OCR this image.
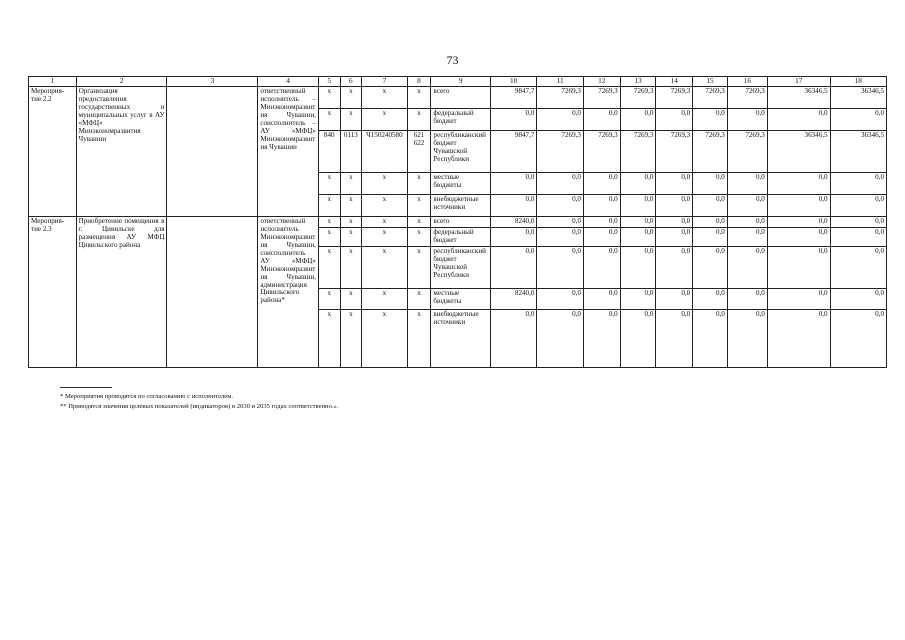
73
1	2	3	4	5	6	7	8	9	10	11	12	13	14	15	16	17	18
Мероприя-тие 2.2	Организация предоставления государственных и муниципальных услуг в АУ «МФЦ» Минэкономразвития Чувашии		ответственный исполнитель – Минэкономразвития Чувашии, соисполнитель – АУ «МФЦ» Минэкономразвития Чувашии	x	x	x	x	всего	9847,7	7269,3	7269,3	7269,3	7269,3	7269,3	7269,3	36346,5	36346,5
				x	x	x	x	федеральный бюджет	0,0	0,0	0,0	0,0	0,0	0,0	0,0	0,0	0,0
				840	0113	Ч150240580	621 622	республиканский бюджет Чувашской Республики	9847,7	7269,3	7269,3	7269,3	7269,3	7269,3	7269,3	36346,5	36346,5
				x	x	x	x	местные бюджеты	0,0	0,0	0,0	0,0	0,0	0,0	0,0	0,0	0,0
				x	x	x	x	внебюджетные источники	0,0	0,0	0,0	0,0	0,0	0,0	0,0	0,0	0,0
Мероприя-тие 2.3	Приобретение помещения в г. Цивильске для размещения АУ МФЦ Цивильского района		ответственный исполнитель Минэкономразвития Чувашии, соисполнитель АУ «МФЦ» Минэкономразвития Чувашии, администрация Цивильского района*	x	x	x	x	всего	8240,0	0,0	0,0	0,0	0,0	0,0	0,0	0,0	0,0
				x	x	x	x	федеральный бюджет	0,0	0,0	0,0	0,0	0,0	0,0	0,0	0,0	0,0
				x	x	x	x	республиканский бюджет Чувашской Республики	0,0	0,0	0,0	0,0	0,0	0,0	0,0	0,0	0,0
				x	x	x	x	местные бюджеты	8240,0	0,0	0,0	0,0	0,0	0,0	0,0	0,0	0,0
				x	x	x	x	внебюджетные источники	0,0	0,0	0,0	0,0	0,0	0,0	0,0	0,0	0,0
* Мероприятия проводятся по согласованию с исполнителем.
** Приводятся значения целевых показателей (индикаторов) в 2030 и 2035 годах соответственно.».
